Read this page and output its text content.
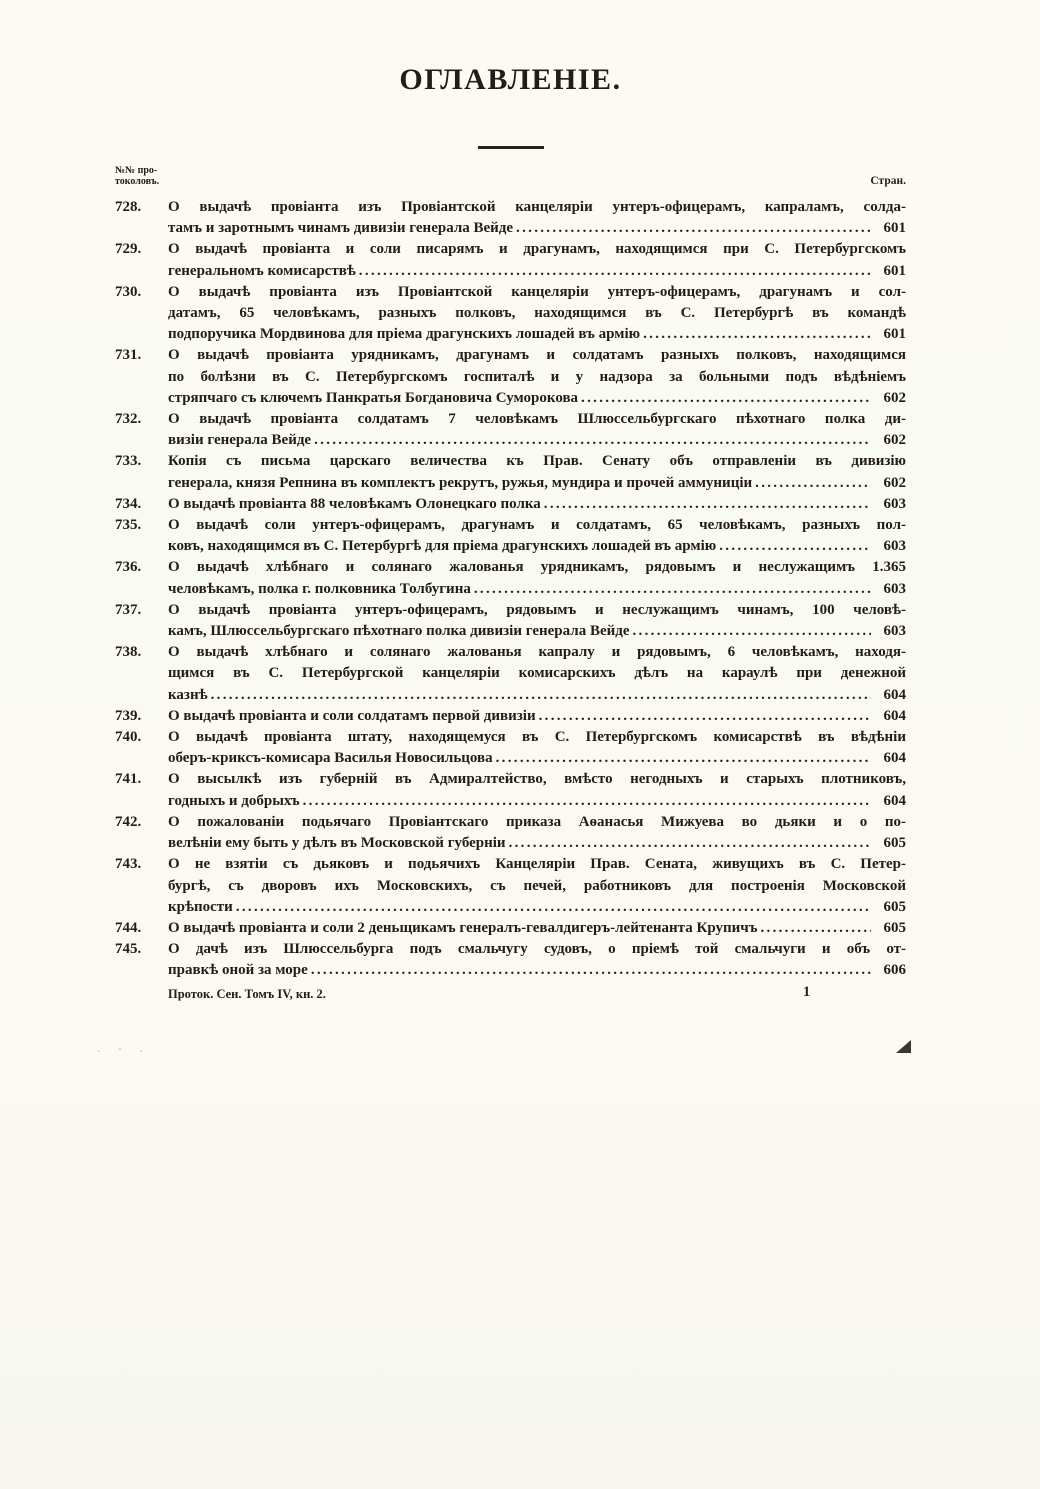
ОГЛАВЛЕНІЕ.
№№ про-
токоловъ.	Стран.
728. О выдачѣ провіанта изъ Провіантской канцеляріи унтеръ-офицерамъ, капраламъ, солда-
тамъ и заротнымъ чинамъ дивизіи генерала Вейде .....	601
729. О выдачѣ провіанта и соли писарямъ и драгунамъ, находящимся при С. Петербургскомъ
генеральномъ комисарствѣ .....	601
730. О выдачѣ провіанта изъ Провіантской канцеляріи унтеръ-офицерамъ, драгунамъ и сол-
датамъ, 65 человѣкамъ, разныхъ полковъ, находящимся въ С. Петербургѣ въ командѣ
подпоручика Мордвинова для пріема драгунскихъ лошадей въ армію .....	601
731. О выдачѣ провіанта урядникамъ, драгунамъ и солдатамъ разныхъ полковъ, находящимся
по болѣзни въ С. Петербургскомъ госпиталѣ и у надзора за больными подъ вѣдѣніемъ
стряпчаго съ ключемъ Панкратья Богдановича Суморокова .....	602
732. О выдачѣ провіанта солдатамъ 7 человѣкамъ Шлюссельбургскаго пѣхотнаго полка ди-
визіи генерала Вейде .....	602
733. Копія съ письма царскаго величества къ Прав. Сенату объ отправленіи въ дивизію
генерала, князя Репнина въ комплектъ рекрутъ, ружья, мундира и прочей аммуниціи .....	602
734. О выдачѣ провіанта 88 человѣкамъ Олонецкаго полка .....	603
735. О выдачѣ соли унтеръ-офицерамъ, драгунамъ и солдатамъ, 65 человѣкамъ, разныхъ пол-
ковъ, находящимся въ С. Петербургѣ для пріема драгунскихъ лошадей въ армію .....	603
736. О выдачѣ хлѣбнаго и солянаго жалованья урядникамъ, рядовымъ и неслужащимъ 1.365
человѣкамъ, полка г. полковника Толбугина .....	603
737. О выдачѣ провіанта унтеръ-офицерамъ, рядовымъ и неслужащимъ чинамъ, 100 человѣ-
камъ, Шлюссельбургскаго пѣхотнаго полка дивизіи генерала Вейде .....	603
738. О выдачѣ хлѣбнаго и солянаго жалованья капралу и рядовымъ, 6 человѣкамъ, находя-
щимся въ С. Петербургской канцеляріи комисарскихъ дѣлъ на караулѣ при денежной
казнѣ .....	604
739. О выдачѣ провіанта и соли солдатамъ первой дивизіи .....	604
740. О выдачѣ провіанта штату, находящемуся въ С. Петербургскомъ комисарствѣ въ вѣдѣніи
оберъ-криксъ-комисара Василья Новосильцова .....	604
741. О высылкѣ изъ губерній въ Адмиралтейство, вмѣсто негодныхъ и старыхъ плотниковъ,
годныхъ и добрыхъ .....	604
742. О пожалованіи подьячаго Провіантскаго приказа Аѳанасья Мижуева во дьяки и о по-
велѣніи ему быть у дѣлъ въ Московской губерніи .....	605
743. О не взятіи съ дьяковъ и подьячихъ Канцеляріи Прав. Сената, живущихъ въ С. Петер-
бургѣ, съ дворовъ ихъ Московскихъ, съ печей, работниковъ для построенія Московской
крѣпости .....	605
744. О выдачѣ провіанта и соли 2 деньщикамъ генералъ-гевалдигеръ-лейтенанта Крупичъ .....	605
745. О дачѣ изъ Шлюссельбурга подъ смальчугу судовъ, о пріемѣ той смальчуги и объ от-
правкѣ оной за море .....	606
Проток. Сен. Томъ IV, кн. 2.	1
. - .
